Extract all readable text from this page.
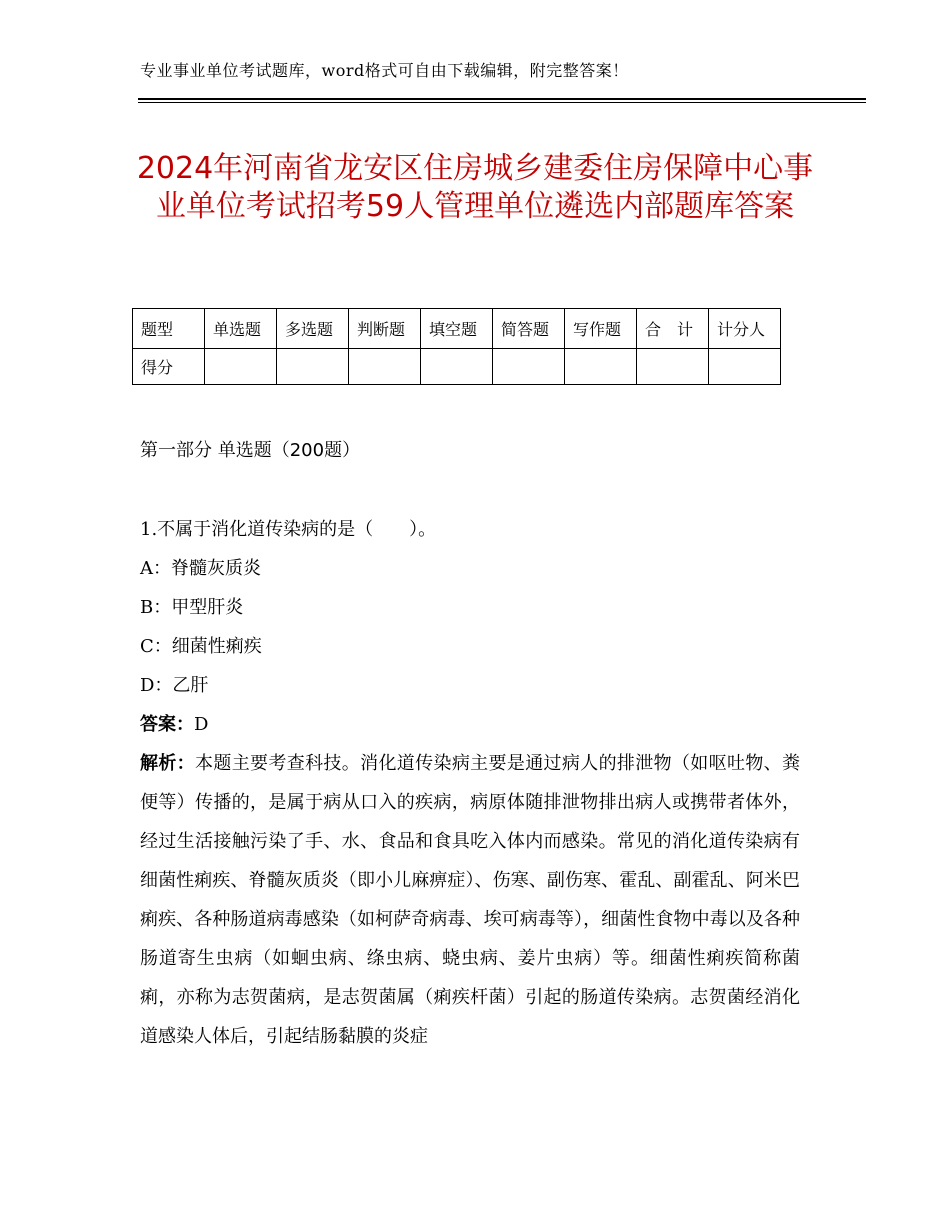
专业事业单位考试题库，word格式可自由下载编辑，附完整答案！
2024年河南省龙安区住房城乡建委住房保障中心事业单位考试招考59人管理单位遴选内部题库答案
题型	单选题	多选题	判断题	填空题	简答题	写作题	合　计	计分人
得分								
第一部分 单选题（200题）
1.不属于消化道传染病的是（　　）。
A：脊髓灰质炎
B：甲型肝炎
C：细菌性痢疾
D：乙肝
答案：D
解析：本题主要考查科技。消化道传染病主要是通过病人的排泄物（如呕吐物、粪便等）传播的，是属于病从口入的疾病，病原体随排泄物排出病人或携带者体外，经过生活接触污染了手、水、食品和食具吃入体内而感染。常见的消化道传染病有细菌性痢疾、脊髓灰质炎（即小儿麻痹症）、伤寒、副伤寒、霍乱、副霍乱、阿米巴痢疾、各种肠道病毒感染（如柯萨奇病毒、埃可病毒等），细菌性食物中毒以及各种肠道寄生虫病（如蛔虫病、绦虫病、蛲虫病、姜片虫病）等。细菌性痢疾简称菌痢，亦称为志贺菌病，是志贺菌属（痢疾杆菌）引起的肠道传染病。志贺菌经消化道感染人体后，引起结肠黏膜的炎症
